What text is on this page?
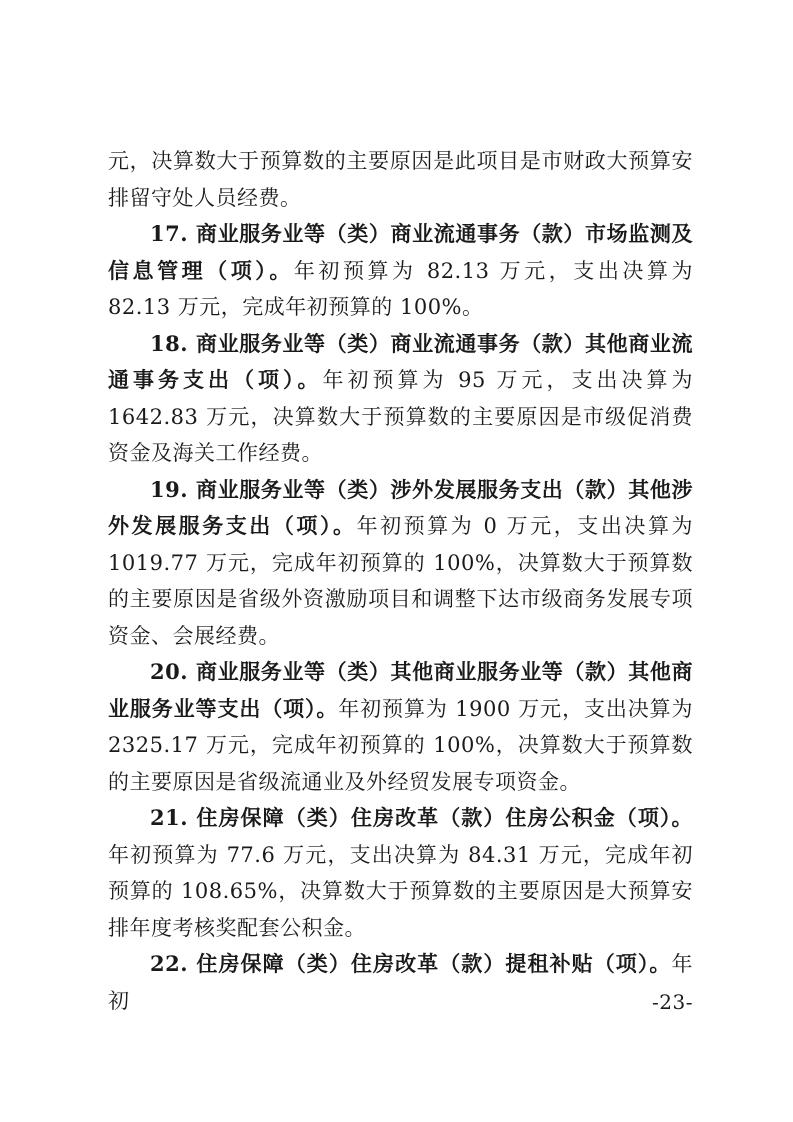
元，决算数大于预算数的主要原因是此项目是市财政大预算安排留守处人员经费。

17. 商业服务业等（类）商业流通事务（款）市场监测及信息管理（项）。年初预算为 82.13 万元，支出决算为 82.13 万元，完成年初预算的 100%。

18. 商业服务业等（类）商业流通事务（款）其他商业流通事务支出（项）。年初预算为 95 万元，支出决算为 1642.83 万元，决算数大于预算数的主要原因是市级促消费资金及海关工作经费。

19. 商业服务业等（类）涉外发展服务支出（款）其他涉外发展服务支出（项）。年初预算为 0 万元，支出决算为 1019.77 万元，完成年初预算的 100%，决算数大于预算数的主要原因是省级外资激励项目和调整下达市级商务发展专项资金、会展经费。

20. 商业服务业等（类）其他商业服务业等（款）其他商业服务业等支出（项）。年初预算为 1900 万元，支出决算为 2325.17 万元，完成年初预算的 100%，决算数大于预算数的主要原因是省级流通业及外经贸发展专项资金。

21. 住房保障（类）住房改革（款）住房公积金（项）。年初预算为 77.6 万元，支出决算为 84.31 万元，完成年初预算的 108.65%，决算数大于预算数的主要原因是大预算安排年度考核奖配套公积金。

22. 住房保障（类）住房改革（款）提租补贴（项）。年初	-23-
